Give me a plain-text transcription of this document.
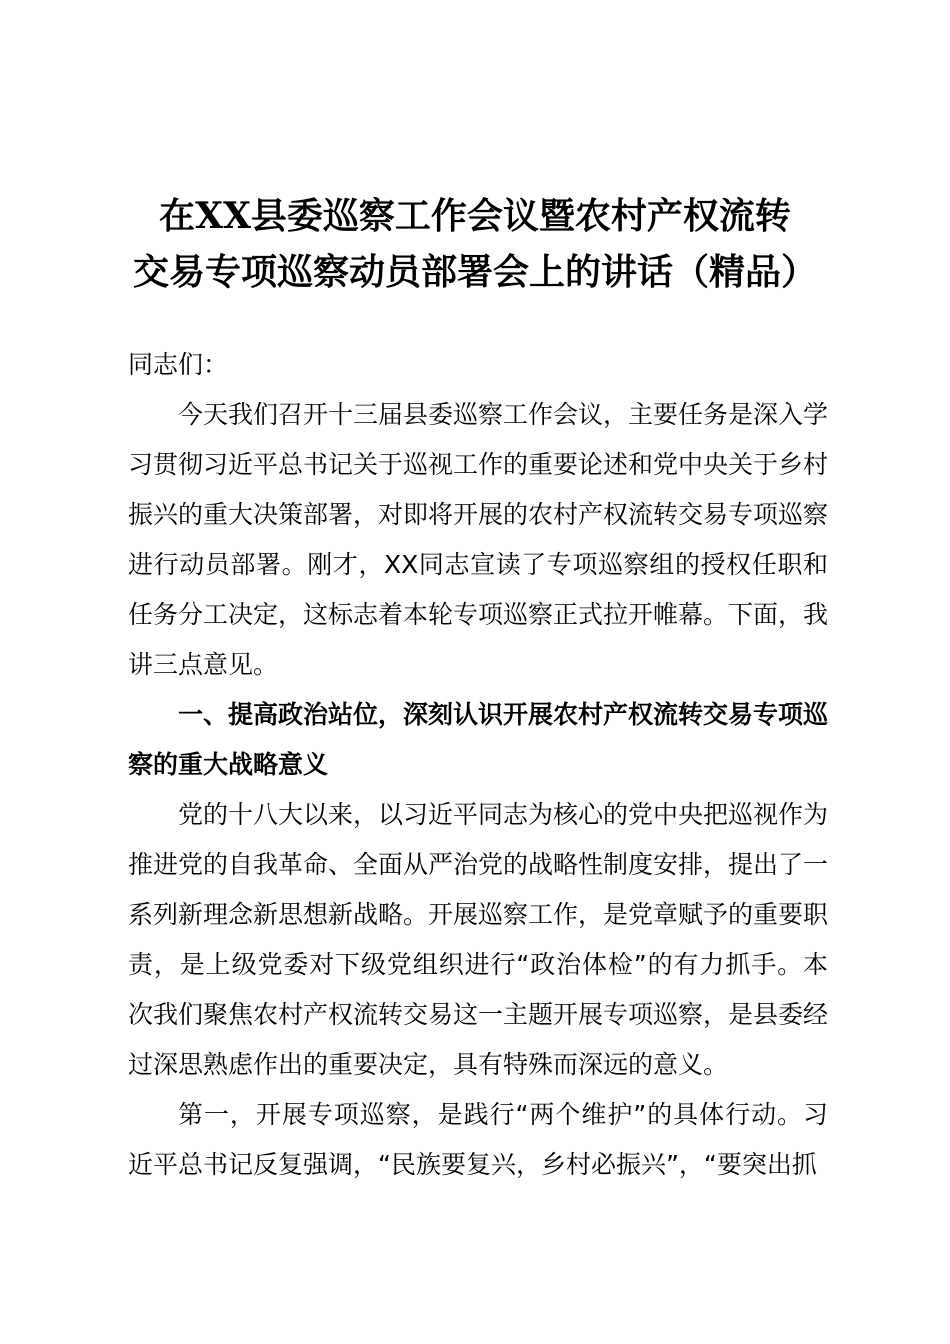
在XX县委巡察工作会议暨农村产权流转
交易专项巡察动员部署会上的讲话（精品）

同志们：

今天我们召开十三届县委巡察工作会议，主要任务是深入学习贯彻习近平总书记关于巡视工作的重要论述和党中央关于乡村振兴的重大决策部署，对即将开展的农村产权流转交易专项巡察进行动员部署。刚才，XX同志宣读了专项巡察组的授权任职和任务分工决定，这标志着本轮专项巡察正式拉开帷幕。下面，我讲三点意见。

一、提高政治站位，深刻认识开展农村产权流转交易专项巡察的重大战略意义

党的十八大以来，以习近平同志为核心的党中央把巡视作为推进党的自我革命、全面从严治党的战略性制度安排，提出了一系列新理念新思想新战略。开展巡察工作，是党章赋予的重要职责，是上级党委对下级党组织进行“政治体检”的有力抓手。本次我们聚焦农村产权流转交易这一主题开展专项巡察，是县委经过深思熟虑作出的重要决定，具有特殊而深远的意义。

第一，开展专项巡察，是践行“两个维护”的具体行动。习近平总书记反复强调，“民族要复兴，乡村必振兴”，“要突出抓
